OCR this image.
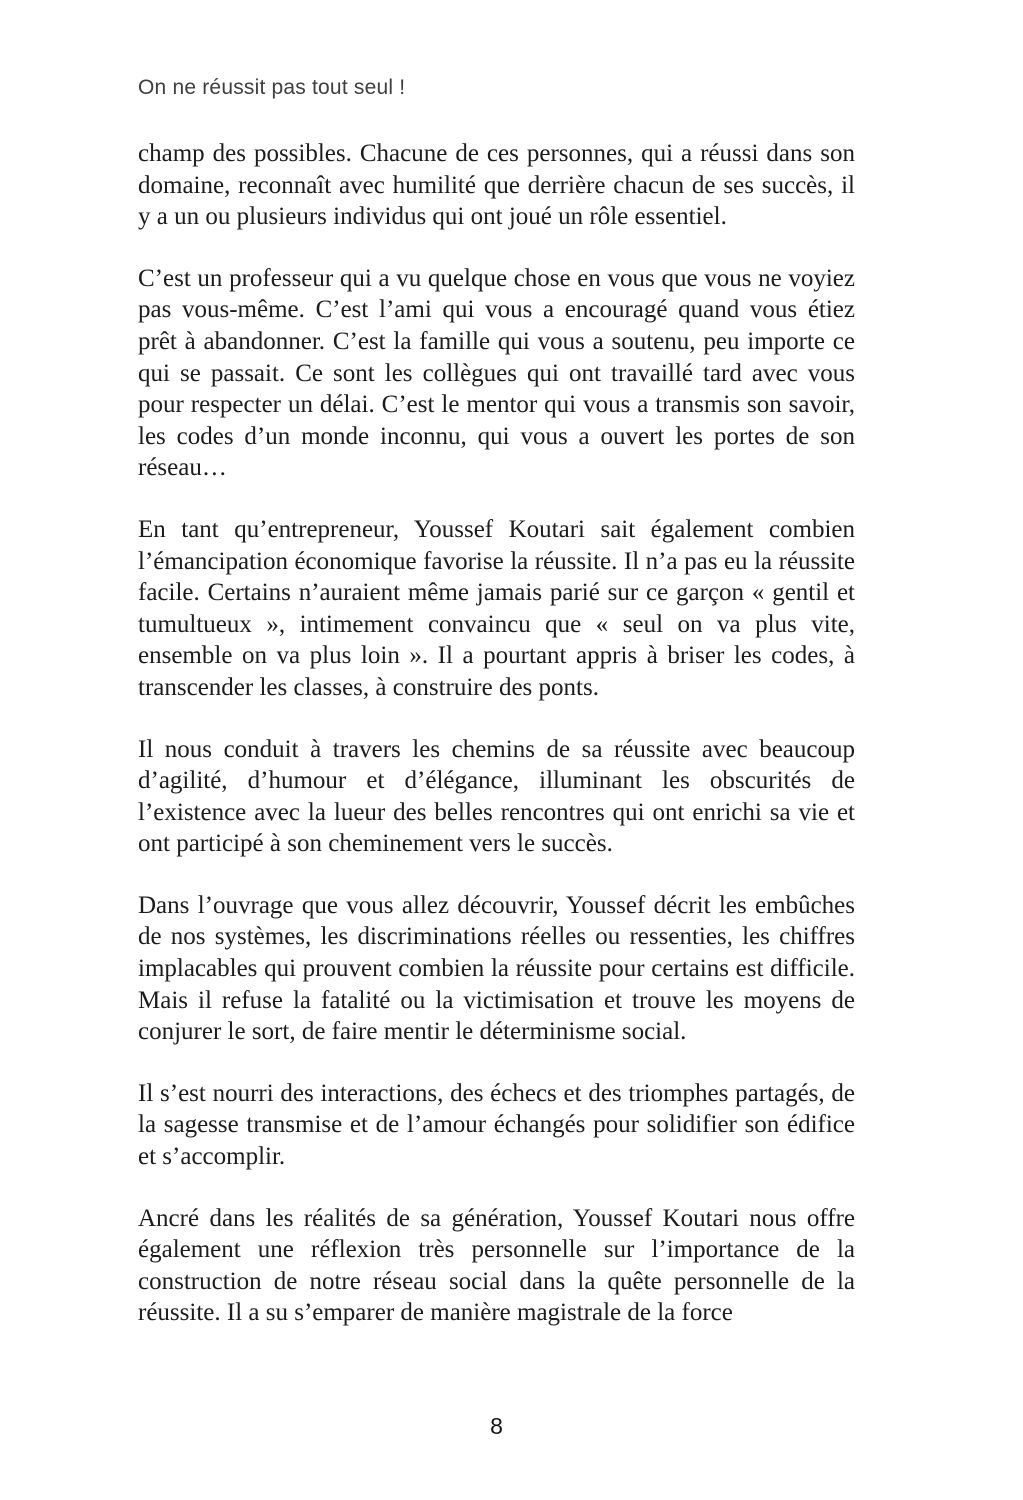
On ne réussit pas tout seul !

champ des possibles. Chacune de ces personnes, qui a réussi dans son domaine, reconnaît avec humilité que derrière chacun de ses succès, il y a un ou plusieurs individus qui ont joué un rôle essentiel.

C’est un professeur qui a vu quelque chose en vous que vous ne voyiez pas vous-même. C’est l’ami qui vous a encouragé quand vous étiez prêt à abandonner. C’est la famille qui vous a soutenu, peu importe ce qui se passait. Ce sont les collègues qui ont travaillé tard avec vous pour respecter un délai. C’est le mentor qui vous a transmis son savoir, les codes d’un monde inconnu, qui vous a ouvert les portes de son réseau…

En tant qu’entrepreneur, Youssef Koutari sait également combien l’émancipation économique favorise la réussite. Il n’a pas eu la réussite facile. Certains n’auraient même jamais parié sur ce garçon « gentil et tumultueux », intimement convaincu que « seul on va plus vite, ensemble on va plus loin ». Il a pourtant appris à briser les codes, à transcender les classes, à construire des ponts.

Il nous conduit à travers les chemins de sa réussite avec beaucoup d’agilité, d’humour et d’élégance, illuminant les obscurités de l’existence avec la lueur des belles rencontres qui ont enrichi sa vie et ont participé à son cheminement vers le succès.

Dans l’ouvrage que vous allez découvrir, Youssef décrit les embûches de nos systèmes, les discriminations réelles ou ressenties, les chiffres implacables qui prouvent combien la réussite pour certains est difficile. Mais il refuse la fatalité ou la victimisation et trouve les moyens de conjurer le sort, de faire mentir le déterminisme social.

Il s’est nourri des interactions, des échecs et des triomphes partagés, de la sagesse transmise et de l’amour échangés pour solidifier son édifice et s’accomplir.

Ancré dans les réalités de sa génération, Youssef Koutari nous offre également une réflexion très personnelle sur l’importance de la construction de notre réseau social dans la quête personnelle de la réussite. Il a su s’emparer de manière magistrale de la force

8
